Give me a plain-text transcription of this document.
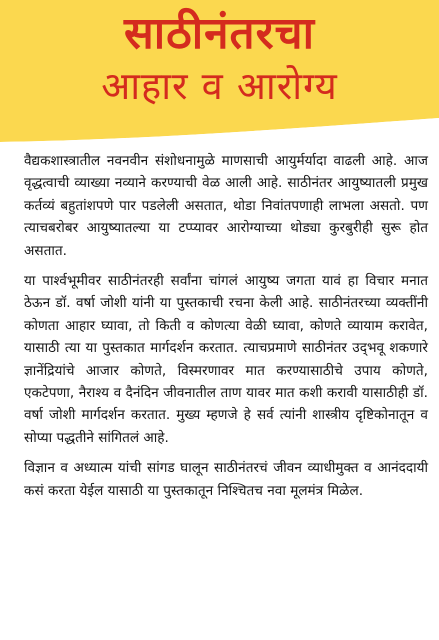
साठीनंतरचा
आहार व आरोग्य

वैद्यकशास्त्रातील नवनवीन संशोधनामुळे माणसाची आयुर्मर्यादा वाढली आहे. आज वृद्धत्वाची व्याख्या नव्याने करण्याची वेळ आली आहे. साठीनंतर आयुष्यातली प्रमुख कर्तव्यं बहुतांशपणे पार पडलेली असतात, थोडा निवांतपणाही लाभला असतो. पण त्याचबरोबर आयुष्यातल्या या टप्प्यावर आरोग्याच्या थोड्या कुरबुरीही सुरू होत असतात.

या पार्श्वभूमीवर साठीनंतरही सर्वांना चांगलं आयुष्य जगता यावं हा विचार मनात ठेऊन डॉ. वर्षा जोशी यांनी या पुस्तकाची रचना केली आहे. साठीनंतरच्या व्यक्तींनी कोणता आहार घ्यावा, तो किती व कोणत्या वेळी घ्यावा, कोणते व्यायाम करावेत, यासाठी त्या या पुस्तकात मार्गदर्शन करतात. त्याचप्रमाणे साठीनंतर उद्‌भवू शकणारे ज्ञानेंद्रियांचे आजार कोणते, विस्मरणावर मात करण्यासाठीचे उपाय कोणते, एकटेपणा, नैराश्य व दैनंदिन जीवनातील ताण यावर मात कशी करावी यासाठीही डॉ. वर्षा जोशी मार्गदर्शन करतात. मुख्य म्हणजे हे सर्व त्यांनी शास्त्रीय दृष्टिकोनातून व सोप्या पद्धतीने सांगितलं आहे.

विज्ञान व अध्यात्म यांची सांगड घालून साठीनंतरचं जीवन व्याधीमुक्त व आनंददायी कसं करता येईल यासाठी या पुस्तकातून निश्चितच नवा मूलमंत्र मिळेल.
